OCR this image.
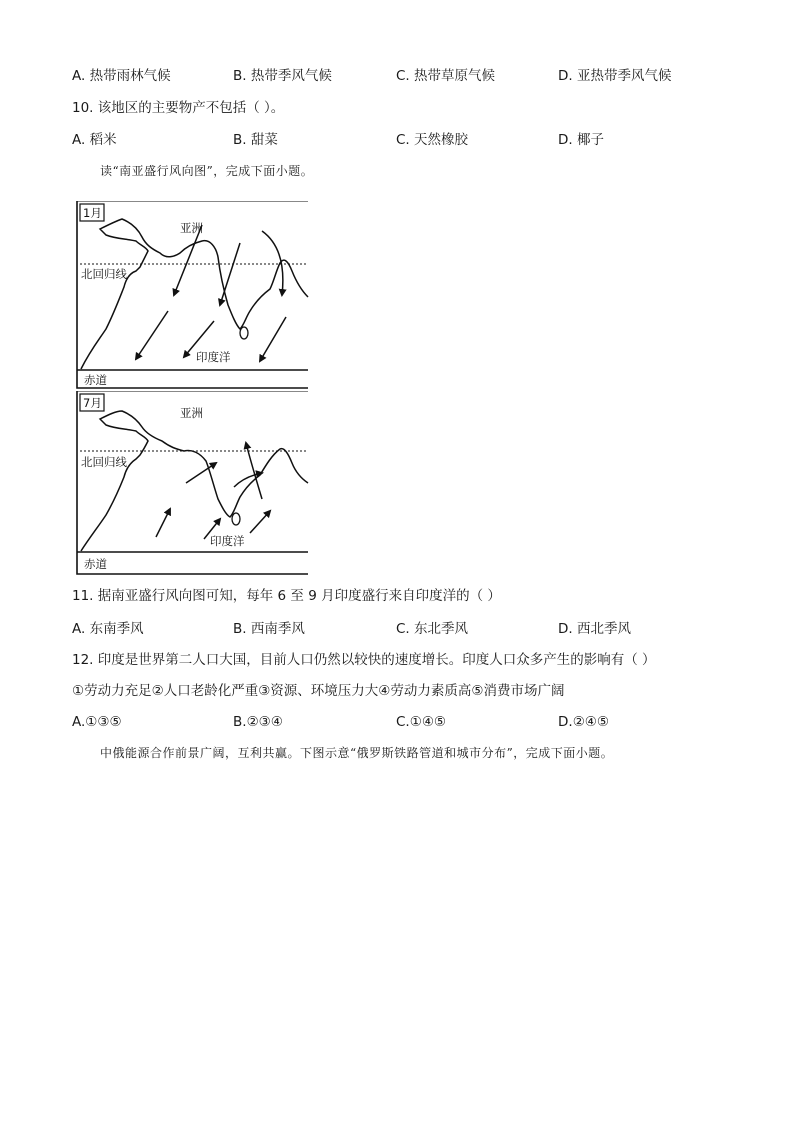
A. 热带雨林气候	B. 热带季风气候	C. 热带草原气候	D. 亚热带季风气候
10. 该地区的主要物产不包括（ ）。
A. 稻米	B. 甜菜	C. 天然橡胶	D. 椰子
读“南亚盛行风向图”，完成下面小题。
1月
北回归线
亚洲
印度洋
赤道
7月
北回归线
亚洲
印度洋
赤道
11. 据南亚盛行风向图可知，每年 6 至 9 月印度盛行来自印度洋的（ ）
A. 东南季风	B. 西南季风	C. 东北季风	D. 西北季风
12. 印度是世界第二人口大国，目前人口仍然以较快的速度增长。印度人口众多产生的影响有（ ）
①劳动力充足②人口老龄化严重③资源、环境压力大④劳动力素质高⑤消费市场广阔
A.①③⑤	B.②③④	C.①④⑤	D.②④⑤
中俄能源合作前景广阔，互利共赢。下图示意“俄罗斯铁路管道和城市分布”，完成下面小题。
